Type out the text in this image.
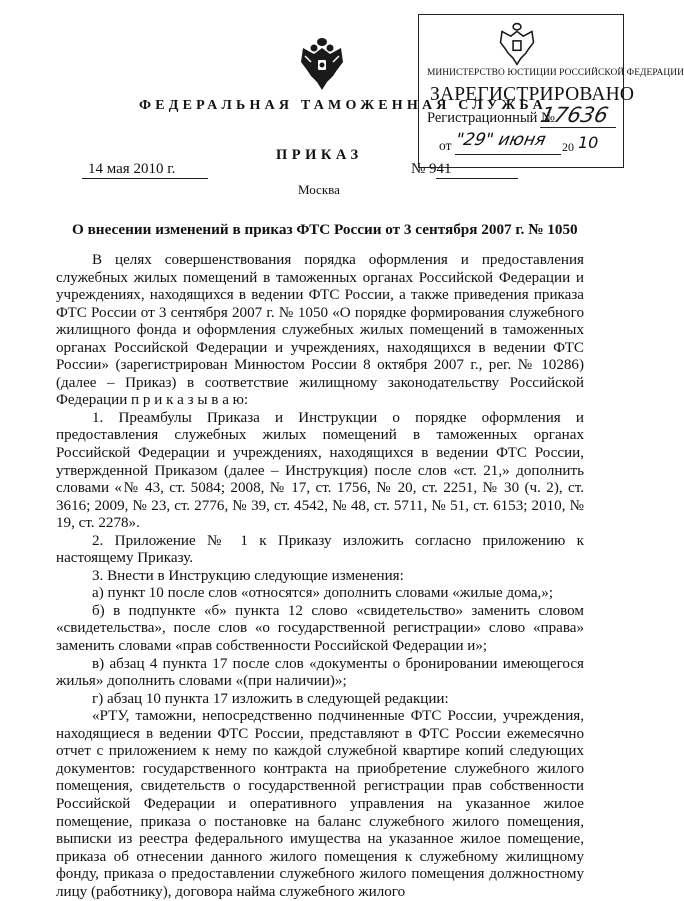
ФЕДЕРАЛЬНАЯ ТАМОЖЕННАЯ СЛУЖБА
МИНИСТЕРСТВО ЮСТИЦИИ РОССИЙСКОЙ ФЕДЕРАЦИИ
ЗАРЕГИСТРИРОВАНО
Регистрационный №
17636
от "29" июня 20 10
ПРИКАЗ
14 мая 2010 г.	№ 941
Москва
О внесении изменений в приказ ФТС России от 3 сентября 2007 г. № 1050

В целях совершенствования порядка оформления и предоставления служебных жилых помещений в таможенных органах Российской Федерации и учреждениях, находящихся в ведении ФТС России, а также приведения приказа ФТС России от 3 сентября 2007 г. № 1050 «О порядке формирования служебного жилищного фонда и оформления служебных жилых помещений в таможенных органах Российской Федерации и учреждениях, находящихся в ведении ФТС России» (зарегистрирован Минюстом России 8 октября 2007 г., рег. № 10286) (далее – Приказ) в соответствие жилищному законодательству Российской Федерации п р и к а з ы в а ю:

1. Преамбулы Приказа и Инструкции о порядке оформления и предоставления служебных жилых помещений в таможенных органах Российской Федерации и учреждениях, находящихся в ведении ФТС России, утвержденной Приказом (далее – Инструкция) после слов «ст. 21,» дополнить словами «№ 43, ст. 5084; 2008, № 17, ст. 1756, № 20, ст. 2251, № 30 (ч. 2), ст. 3616; 2009, № 23, ст. 2776, № 39, ст. 4542, № 48, ст. 5711, № 51, ст. 6153; 2010, № 19, ст. 2278».

2. Приложение № 1 к Приказу изложить согласно приложению к настоящему Приказу.

3. Внести в Инструкцию следующие изменения:

а) пункт 10 после слов «относятся» дополнить словами «жилые дома,»;

б) в подпункте «б» пункта 12 слово «свидетельство» заменить словом «свидетельства», после слов «о государственной регистрации» слово «права» заменить словами «прав собственности Российской Федерации и»;

в) абзац 4 пункта 17 после слов «документы о бронировании имеющегося жилья» дополнить словами «(при наличии)»;

г) абзац 10 пункта 17 изложить в следующей редакции:

«РТУ, таможни, непосредственно подчиненные ФТС России, учреждения, находящиеся в ведении ФТС России, представляют в ФТС России ежемесячно отчет с приложением к нему по каждой служебной квартире копий следующих документов: государственного контракта на приобретение служебного жилого помещения, свидетельств о государственной регистрации прав собственности Российской Федерации и оперативного управления на указанное жилое помещение, приказа о постановке на баланс служебного жилого помещения, выписки из реестра федерального имущества на указанное жилое помещение, приказа об отнесении данного жилого помещения к служебному жилищному фонду, приказа о предоставлении служебного жилого помещения должностному лицу (работнику), договора найма служебного жилого
